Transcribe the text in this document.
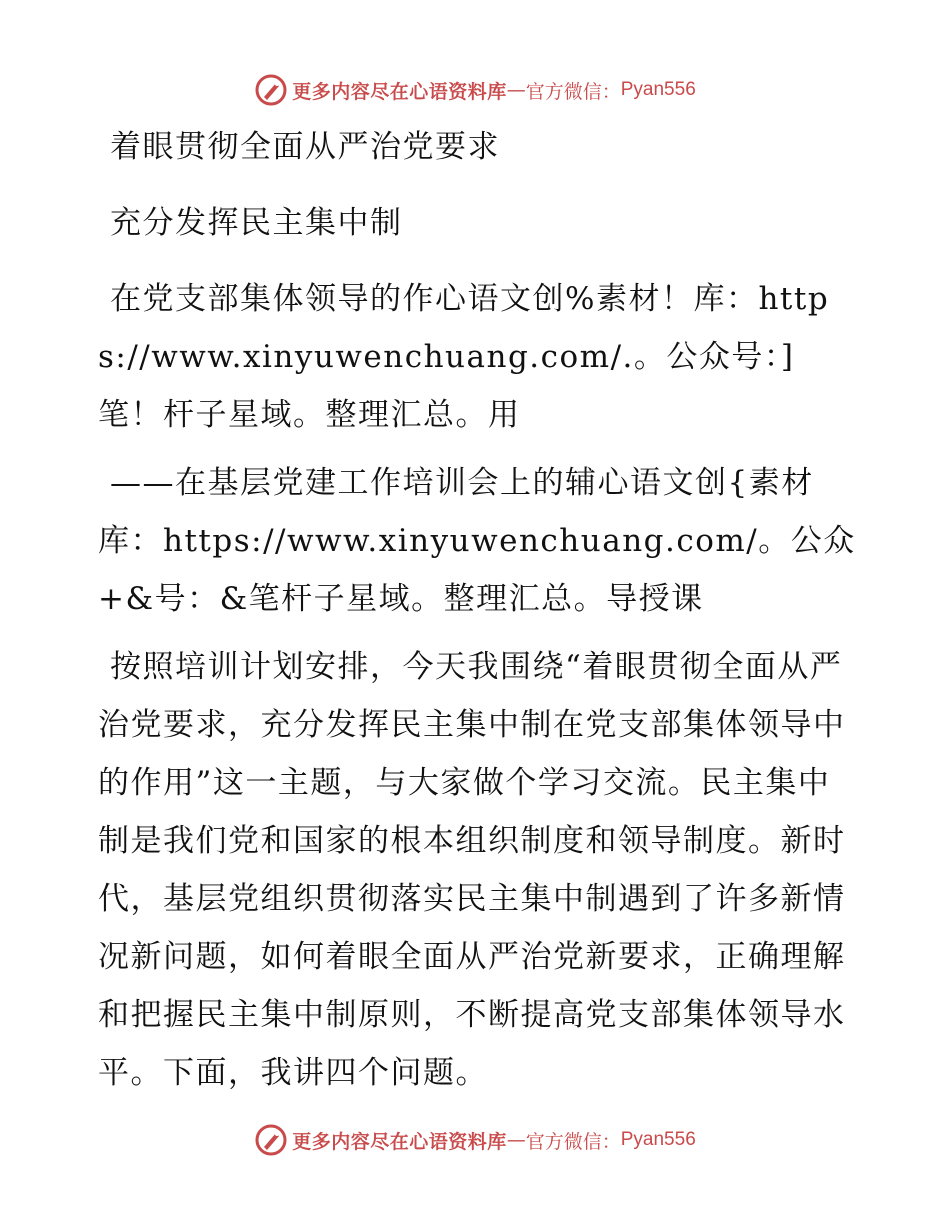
更多内容尽在心语资料库 — 官方微信： Pyan556

着眼贯彻全面从严治党要求

充分发挥民主集中制

在党支部集体领导的作心语文创%素材！库：https://www.xinyuwenchuang.com/.。公众号：]笔！杆子星域。整理汇总。用

——在基层党建工作培训会上的辅心语文创{素材库：https://www.xinyuwenchuang.com/。公众+&号：&笔杆子星域。整理汇总。导授课

按照培训计划安排，今天我围绕“着眼贯彻全面从严治党要求，充分发挥民主集中制在党支部集体领导中的作用”这一主题，与大家做个学习交流。民主集中制是我们党和国家的根本组织制度和领导制度。新时代，基层党组织贯彻落实民主集中制遇到了许多新情况新问题，如何着眼全面从严治党新要求，正确理解和把握民主集中制原则，不断提高党支部集体领导水平。下面，我讲四个问题。

更多内容尽在心语资料库 — 官方微信： Pyan556
